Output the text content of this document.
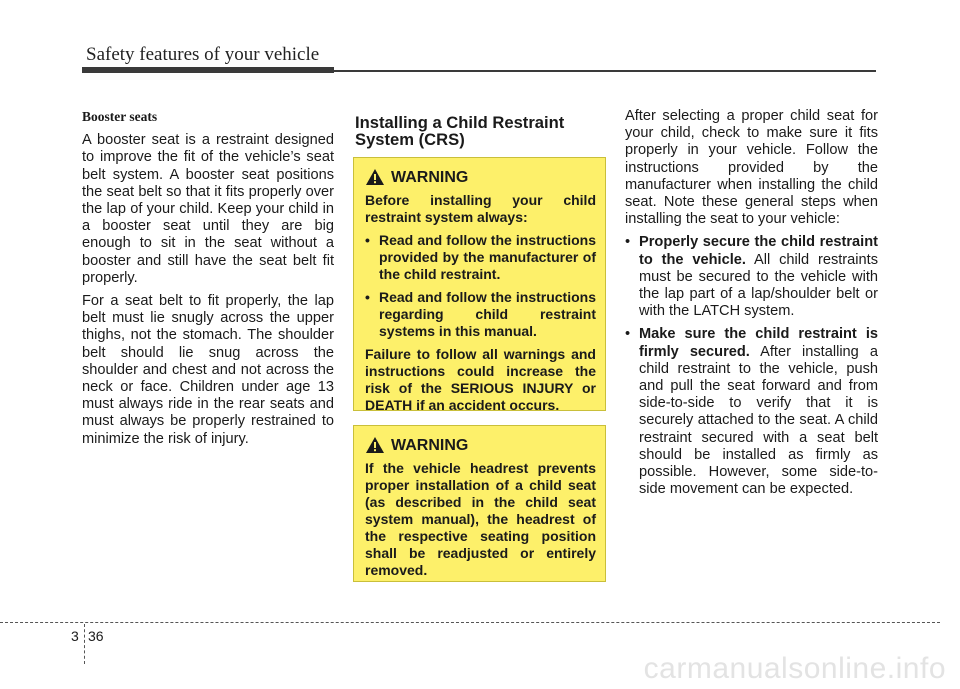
Safety features of your vehicle
Booster seats

A booster seat is a restraint designed to improve the fit of the vehicle’s seat belt system. A booster seat positions the seat belt so that it fits properly over the lap of your child. Keep your child in a booster seat until they are big enough to sit in the seat without a booster and still have the seat belt fit properly.

For a seat belt to fit properly, the lap belt must lie snugly across the upper thighs, not the stomach. The shoulder belt should lie snug across the shoulder and chest and not across the neck or face. Children under age 13 must always ride in the rear seats and must always be properly restrained to minimize the risk of injury.

Installing a Child Restraint System (CRS)
WARNING

Before installing your child restraint system always:

• Read and follow the instructions provided by the manufacturer of the child restraint.
• Read and follow the instructions regarding child restraint systems in this manual.

Failure to follow all warnings and instructions could increase the risk of the SERIOUS INJURY or DEATH if an accident occurs.

WARNING

If the vehicle headrest prevents proper installation of a child seat (as described in the child seat system manual), the headrest of the respective seating position shall be readjusted or entirely removed.

After selecting a proper child seat for your child, check to make sure it fits properly in your vehicle. Follow the instructions provided by the manufacturer when installing the child seat. Note these general steps when installing the seat to your vehicle:

• Properly secure the child restraint to the vehicle. All child restraints must be secured to the vehicle with the lap part of a lap/shoulder belt or with the LATCH system.
• Make sure the child restraint is firmly secured. After installing a child restraint to the vehicle, push and pull the seat forward and from side-to-side to verify that it is securely attached to the seat. A child restraint secured with a seat belt should be installed as firmly as possible. However, some side-to-side movement can be expected.
3 36
carmanualsonline.info
